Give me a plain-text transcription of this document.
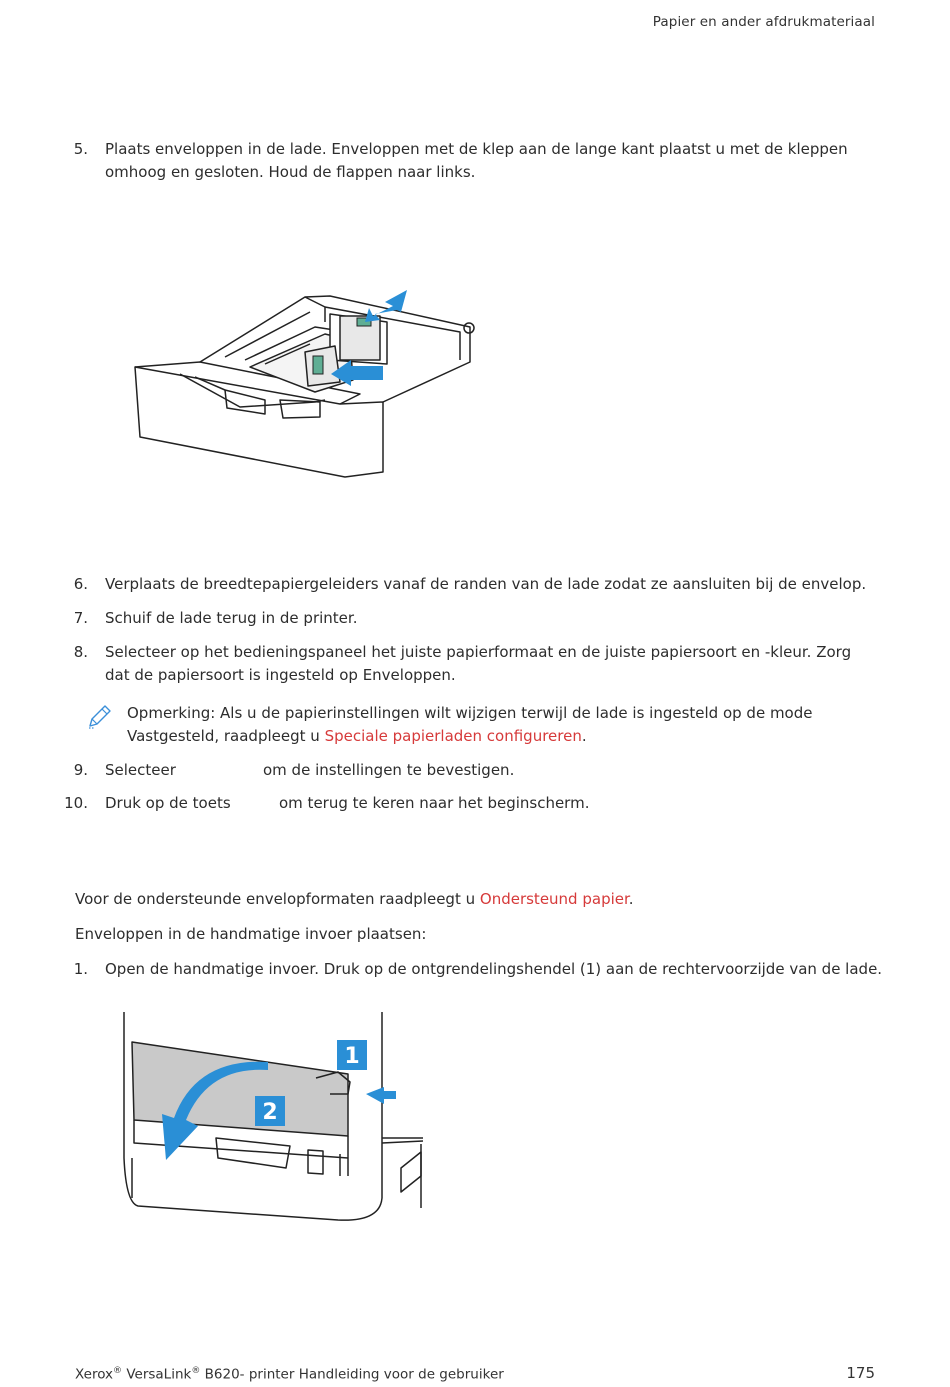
Papier en ander afdrukmateriaal
5. Plaats enveloppen in de lade. Enveloppen met de klep aan de lange kant plaatst u met de kleppen omhoog en gesloten. Houd de flappen naar links.
6. Verplaats de breedtepapiergeleiders vanaf de randen van de lade zodat ze aansluiten bij de envelop.
7. Schuif de lade terug in de printer.
8. Selecteer op het bedieningspaneel het juiste papierformaat en de juiste papiersoort en -kleur. Zorg dat de papiersoort is ingesteld op Enveloppen.
Opmerking: Als u de papierinstellingen wilt wijzigen terwijl de lade is ingesteld op de mode Vastgesteld, raadpleegt u Speciale papierladen configureren.
9. Selecteer	om de instellingen te bevestigen.
10. Druk op de toets	om terug te keren naar het beginscherm.
Voor de ondersteunde envelopformaten raadpleegt u Ondersteund papier.
Enveloppen in de handmatige invoer plaatsen:
1. Open de handmatige invoer. Druk op de ontgrendelingshendel (1) aan de rechtervoorzijde van de lade.
1
2
Xerox® VersaLink® B620- printer Handleiding voor de gebruiker	175
